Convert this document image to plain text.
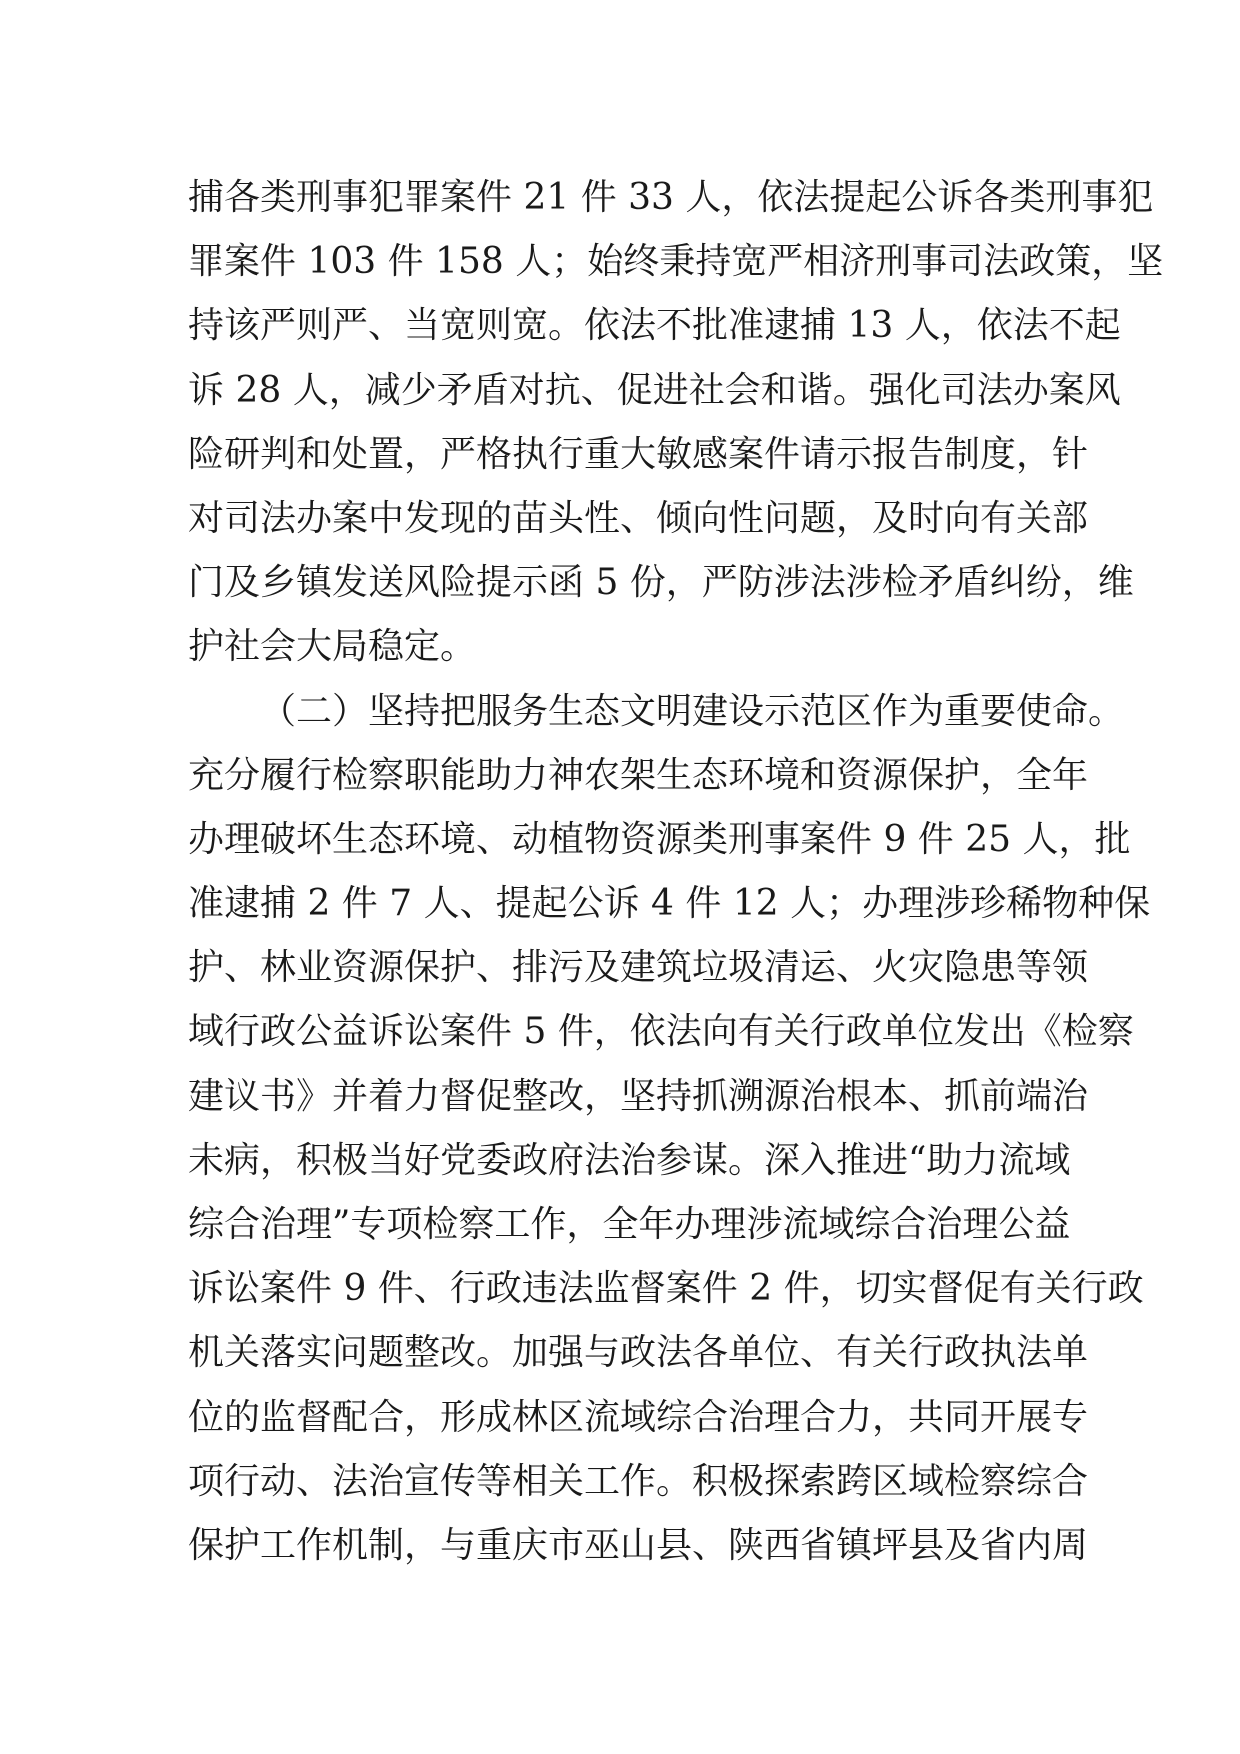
捕各类刑事犯罪案件 21 件 33 人，依法提起公诉各类刑事犯
罪案件 103 件 158 人；始终秉持宽严相济刑事司法政策，坚
持该严则严、当宽则宽。依法不批准逮捕 13 人，依法不起
诉 28 人，减少矛盾对抗、促进社会和谐。强化司法办案风
险研判和处置，严格执行重大敏感案件请示报告制度，针
对司法办案中发现的苗头性、倾向性问题，及时向有关部
门及乡镇发送风险提示函 5 份，严防涉法涉检矛盾纠纷，维
护社会大局稳定。
（二）坚持把服务生态文明建设示范区作为重要使命。
充分履行检察职能助力神农架生态环境和资源保护，全年
办理破坏生态环境、动植物资源类刑事案件 9 件 25 人，批
准逮捕 2 件 7 人、提起公诉 4 件 12 人；办理涉珍稀物种保
护、林业资源保护、排污及建筑垃圾清运、火灾隐患等领
域行政公益诉讼案件 5 件，依法向有关行政单位发出《检察
建议书》并着力督促整改，坚持抓溯源治根本、抓前端治
未病，积极当好党委政府法治参谋。深入推进“助力流域
综合治理”专项检察工作，全年办理涉流域综合治理公益
诉讼案件 9 件、行政违法监督案件 2 件，切实督促有关行政
机关落实问题整改。加强与政法各单位、有关行政执法单
位的监督配合，形成林区流域综合治理合力，共同开展专
项行动、法治宣传等相关工作。积极探索跨区域检察综合
保护工作机制，与重庆市巫山县、陕西省镇坪县及省内周
